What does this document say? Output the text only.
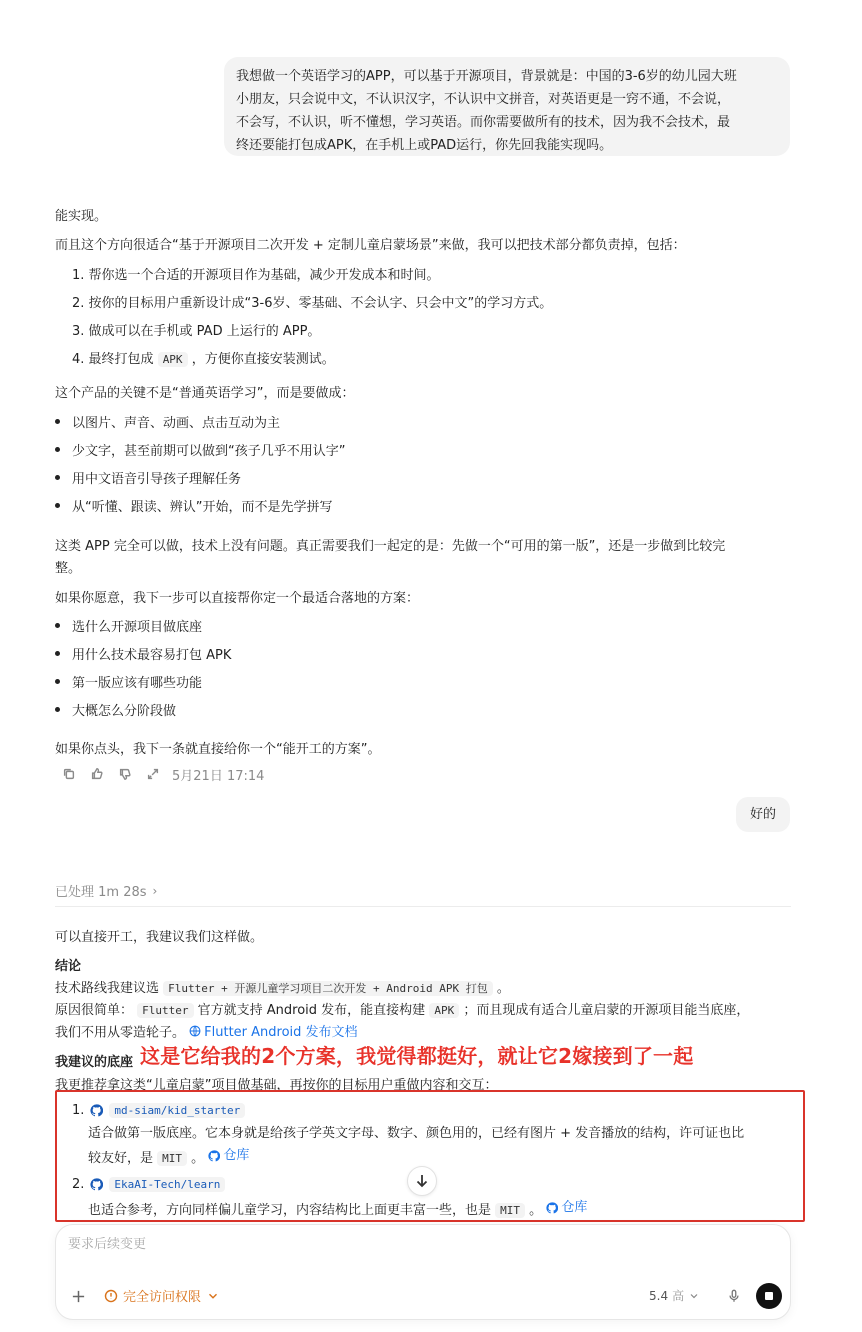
我想做一个英语学习的APP，可以基于开源项目，背景就是：中国的3-6岁的幼儿园大班
小朋友，只会说中文，不认识汉字，不认识中文拼音，对英语更是一窍不通，不会说，
不会写，不认识，听不懂想，学习英语。而你需要做所有的技术，因为我不会技术，最
终还要能打包成APK，在手机上或PAD运行，你先回我能实现吗。
能实现。
而且这个方向很适合“基于开源项目二次开发 + 定制儿童启蒙场景”来做，我可以把技术部分都负责掉，包括：
1. 帮你选一个合适的开源项目作为基础，减少开发成本和时间。
2. 按你的目标用户重新设计成“3-6岁、零基础、不会认字、只会中文”的学习方式。
3. 做成可以在手机或 PAD 上运行的 APP。
4. 最终打包成 APK ，方便你直接安装测试。
这个产品的关键不是“普通英语学习”，而是要做成：
以图片、声音、动画、点击互动为主
少文字，甚至前期可以做到“孩子几乎不用认字”
用中文语音引导孩子理解任务
从“听懂、跟读、辨认”开始，而不是先学拼写
这类 APP 完全可以做，技术上没有问题。真正需要我们一起定的是：先做一个“可用的第一版”，还是一步做到比较完
整。
如果你愿意，我下一步可以直接帮你定一个最适合落地的方案：
选什么开源项目做底座
用什么技术最容易打包 APK
第一版应该有哪些功能
大概怎么分阶段做
如果你点头，我下一条就直接给你一个“能开工的方案”。
5月21日 17:14
好的
已处理 1m 28s ›
可以直接开工，我建议我们这样做。
结论
技术路线我建议选 Flutter + 开源儿童学习项目二次开发 + Android APK 打包 。
原因很简单： Flutter 官方就支持 Android 发布，能直接构建 APK ；而且现成有适合儿童启蒙的开源项目能当底座，
我们不用从零造轮子。 Flutter Android 发布文档
我建议的底座
我更推荐拿这类“儿童启蒙”项目做基础，再按你的目标用户重做内容和交互：
这是它给我的2个方案，我觉得都挺好，就让它2嫁接到了一起
1.	md-siam/kid_starter
适合做第一版底座。它本身就是给孩子学英文字母、数字、颜色用的，已经有图片 + 发音播放的结构，许可证也比
较友好，是 MIT 。 仓库
2.	EkaAI-Tech/learn
也适合参考，方向同样偏儿童学习，内容结构比上面更丰富一些，也是 MIT 。 仓库
要求后续变更
完全访问权限	5.4 高
